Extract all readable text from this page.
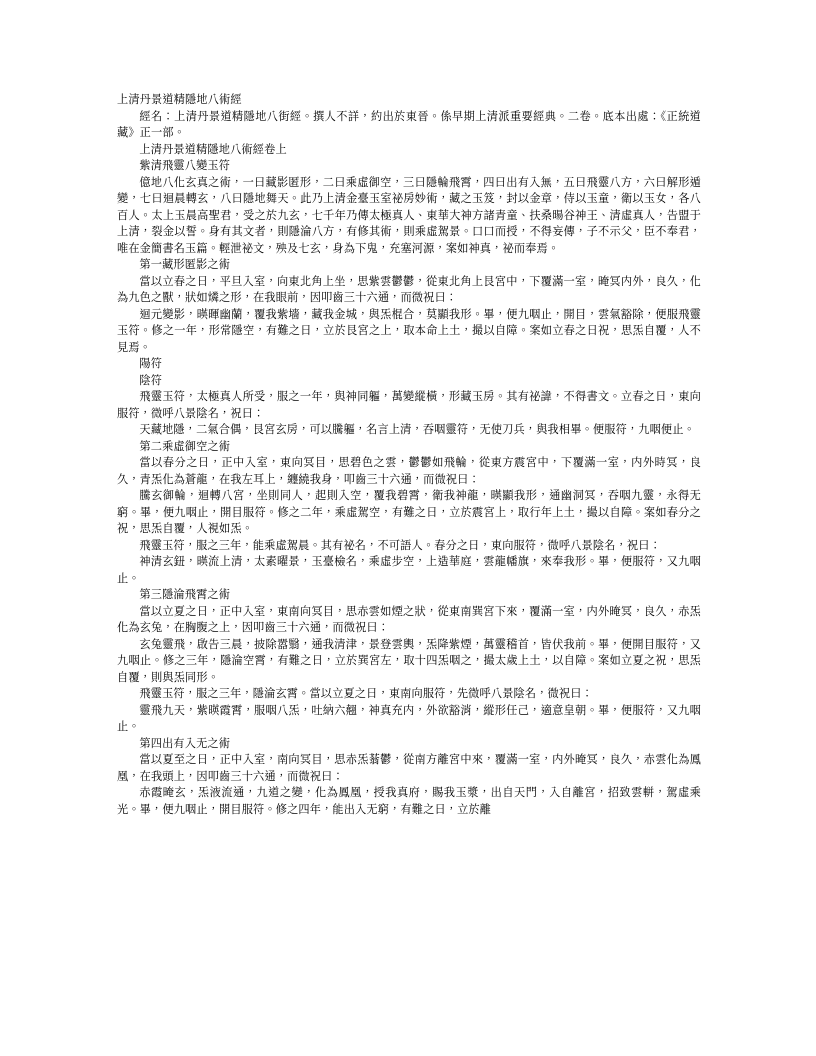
上清丹景道精隱地八術經

經名：上清丹景道精隱地八街經。撰人不詳，約出於東晉。係早期上清派重要經典。二卷。底本出處：《正統道藏》正一部。

上清丹景道精隱地八術經卷上

紫清飛靈八變玉符

億地八化玄真之術，一曰藏影匿形，二曰乘虛御空，三曰隱輪飛霄，四曰出有入無，五曰飛靈八方，六曰解形遁變，七曰迴晨轉玄，八曰隱地舞天。此乃上清金臺玉室祕房妙術，藏之玉笈，封以金章，侍以玉童，衛以玉女，各八百人。太上玉晨高聖君，受之於九玄，七千年乃傳太極真人、東華大神方諸青童、扶桑暘谷神王、清虛真人，告盟于上清，裂金以誓。身有其文者，則隱淪八方，有修其術，則乘虛駕景。口口而授，不得妄傳，子不示父，臣不奉君，唯在金簡書名玉篇。輕泄祕文，殃及七玄，身為下鬼，充塞河源，案如神真，祕而奉焉。

第一藏形匿影之術

當以立春之日，平旦入室，向東北角上坐，思紫雲鬱鬱，從東北角上艮宮中，下覆滿一室，晻冥内外，良久，化為九色之獸，狀如燐之形，在我眼前，因叩齒三十六通，而微祝曰：

迴元變影，暎暉幽蘭，覆我紫墻，藏我金城，與炁棍合，莫顯我形。畢，便九咽止，開目，雲氣豁除，便服飛靈玉符。修之一年，形常隱空，有難之日，立於艮宮之上，取本命上土，撮以自障。案如立春之日祝，思炁自覆，人不見焉。

陽符

陰符

飛靈玉符，太極真人所受，服之一年，與神同軀，萬變縱橫，形藏玉房。其有祕諱，不得書文。立春之日，東向服符，微呼八景陰名，祝曰：

天藏地隱，二氣合偶，艮宮玄房，可以騰軀，名言上清，吞咽靈符，无使刀兵，與我相畢。便服符，九咽便止。

第二乘虛御空之術

當以春分之日，正中入室，東向冥目，思碧色之雲，鬱鬱如飛輪，從東方震宮中，下覆滿一室，内外時冥，良久，青炁化為蒼龍，在我左耳上，纏繞我身，叩齒三十六通，而微祝曰：

騰玄御輪，迴轉八宮，坐則同人，起則入空，覆我碧霄，衛我神龍，暎顯我形，通幽洞冥，吞咽九靈，永得无窮。畢，便九咽止，開目服符。修之二年，乘虛駕空，有難之日，立於震宮上，取行年上土，撮以自障。案如春分之祝，思炁自覆，人視如炁。

飛靈玉符，服之三年，能乘虛駕晨。其有祕名，不可語人。春分之日，東向服符，微呼八景陰名，祝曰：

神清玄鈕，暎流上清，太素曜景，玉臺檢名，乘虛步空，上造華庭，雲龍幡旗，來奉我形。畢，便服符，又九咽止。

第三隱淪飛霄之術

當以立夏之日，正中入室，東南向冥目，思赤雲如煙之狀，從東南巽宮下來，覆滿一室，内外晻冥，良久，赤炁化為玄兔，在胸腹之上，因叩齒三十六通，而微祝曰：

玄兔靈飛，啟告三晨，披除嚣翳，通我清津，景登雲輿，炁降紫煙，萬靈稽首，皆伏我前。畢，便開目服符，又九咽止。修之三年，隱淪空霄，有難之日，立於巽宮左，取十四炁咽之，撮太歲上土，以自障。案如立夏之祝，思炁自覆，則與炁同形。

飛靈玉符，服之三年，隱淪玄霄。當以立夏之日，東南向服符，先微呼八景陰名，微祝曰：

靈飛九天，紫暎霞霄，服咽八炁，吐納六翹，神真充内，外欲豁消，縱形任己，適意皇朝。畢，便服符，又九咽止。

第四出有入无之術

當以夏至之日，正中入室，南向冥目，思赤炁蓊鬱，從南方離宮中來，覆滿一室，内外晻冥，良久，赤雲化為鳳凰，在我頭上，因叩齒三十六通，而微祝曰：

赤霞晻玄，炁液流通，九道之變，化為鳳凰，授我真府，賜我玉漿，出自天門，入自離宮，招致雲軿，駕虛乘光。畢，便九咽止，開目服符。修之四年，能出入无窮，有難之日，立於離
